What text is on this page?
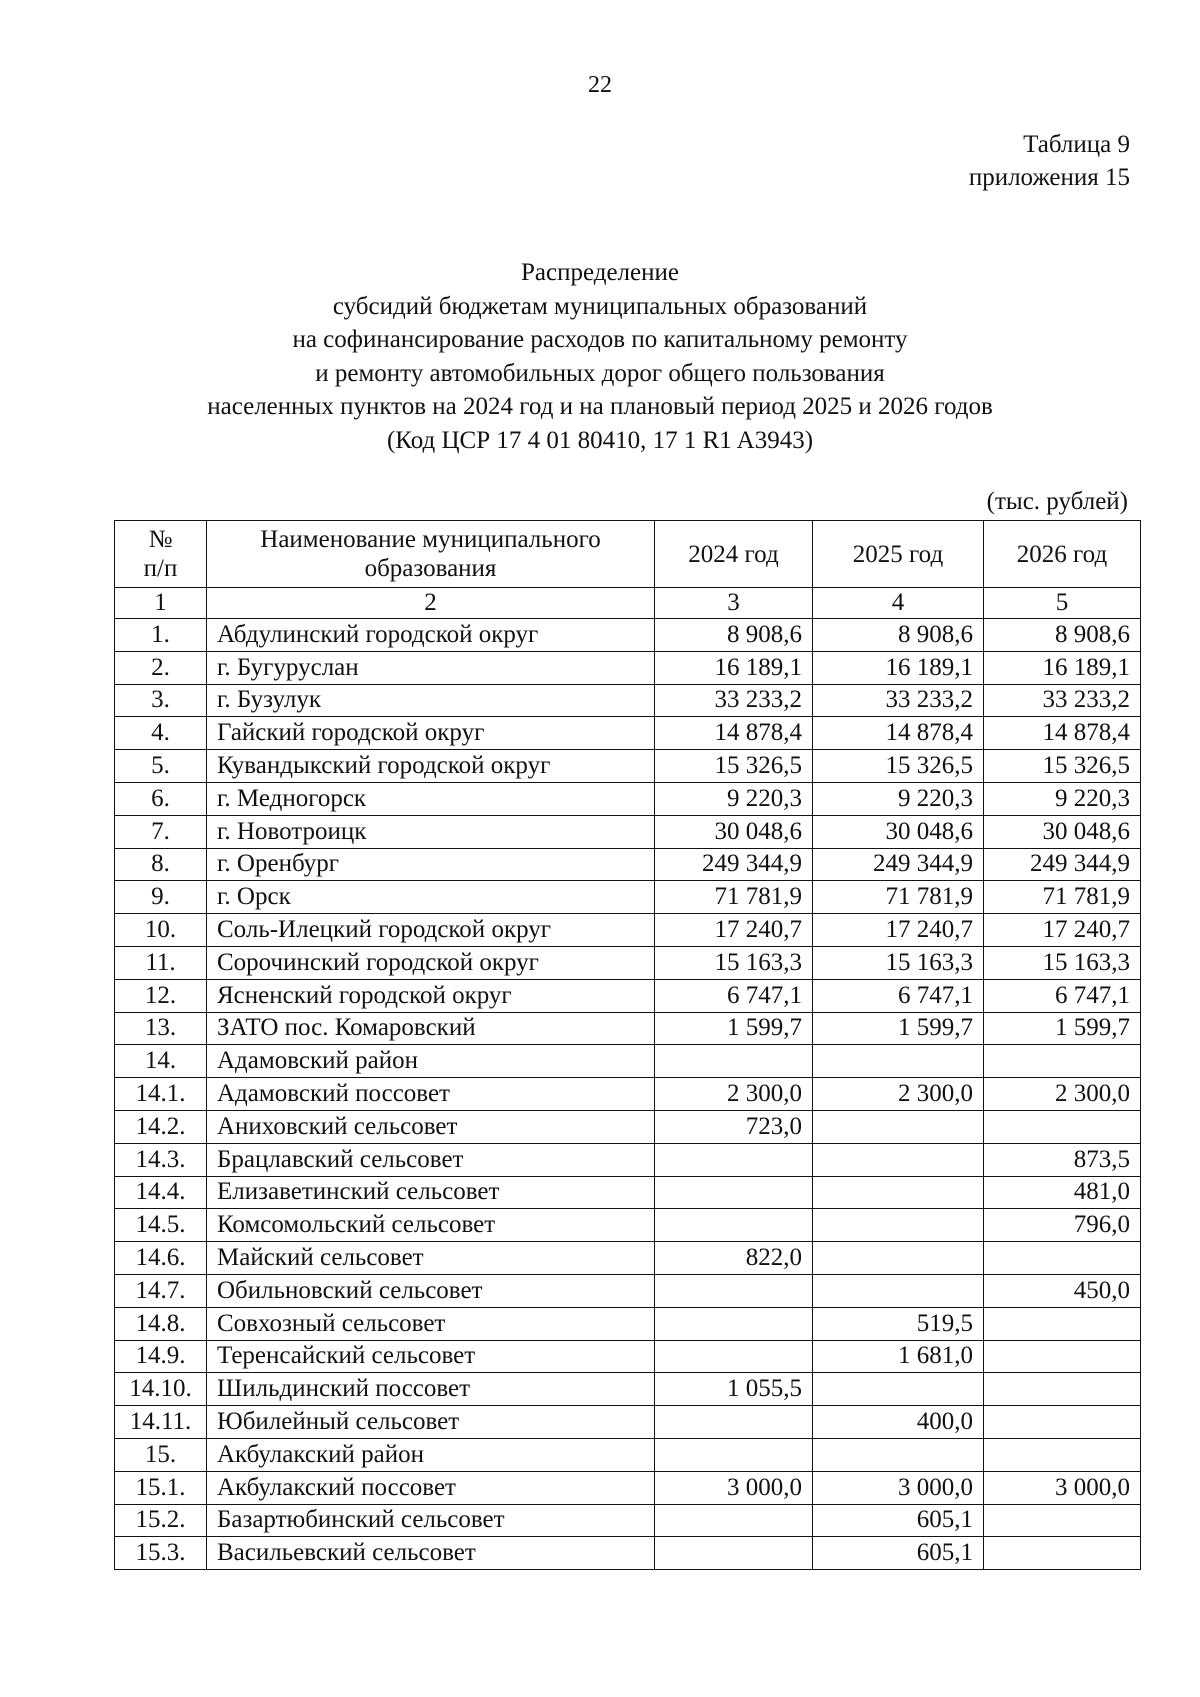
22
Таблица 9
приложения 15
Распределение
субсидий бюджетам муниципальных образований
на софинансирование расходов по капитальному ремонту
и ремонту автомобильных дорог общего пользования
населенных пунктов на 2024 год и на плановый период 2025 и 2026 годов
(Код ЦСР 17 4 01 80410, 17 1 R1 A3943)
(тыс. рублей)
№
п/п	Наименование муниципального
образования	2024 год	2025 год	2026 год
1	2	3	4	5
1.	Абдулинский городской округ	8 908,6	8 908,6	8 908,6
2.	г. Бугуруслан	16 189,1	16 189,1	16 189,1
3.	г. Бузулук	33 233,2	33 233,2	33 233,2
4.	Гайский городской округ	14 878,4	14 878,4	14 878,4
5.	Кувандыкский городской округ	15 326,5	15 326,5	15 326,5
6.	г. Медногорск	9 220,3	9 220,3	9 220,3
7.	г. Новотроицк	30 048,6	30 048,6	30 048,6
8.	г. Оренбург	249 344,9	249 344,9	249 344,9
9.	г. Орск	71 781,9	71 781,9	71 781,9
10.	Соль-Илецкий городской округ	17 240,7	17 240,7	17 240,7
11.	Сорочинский городской округ	15 163,3	15 163,3	15 163,3
12.	Ясненский городской округ	6 747,1	6 747,1	6 747,1
13.	ЗАТО пос. Комаровский	1 599,7	1 599,7	1 599,7
14.	Адамовский район			
14.1.	Адамовский поссовет	2 300,0	2 300,0	2 300,0
14.2.	Аниховский сельсовет	723,0		
14.3.	Брацлавский сельсовет			873,5
14.4.	Елизаветинский сельсовет			481,0
14.5.	Комсомольский сельсовет			796,0
14.6.	Майский сельсовет	822,0		
14.7.	Обильновский сельсовет			450,0
14.8.	Совхозный сельсовет		519,5	
14.9.	Теренсайский сельсовет		1 681,0	
14.10.	Шильдинский поссовет	1 055,5		
14.11.	Юбилейный сельсовет		400,0	
15.	Акбулакский район			
15.1.	Акбулакский поссовет	3 000,0	3 000,0	3 000,0
15.2.	Базартюбинский сельсовет		605,1	
15.3.	Васильевский сельсовет		605,1	
